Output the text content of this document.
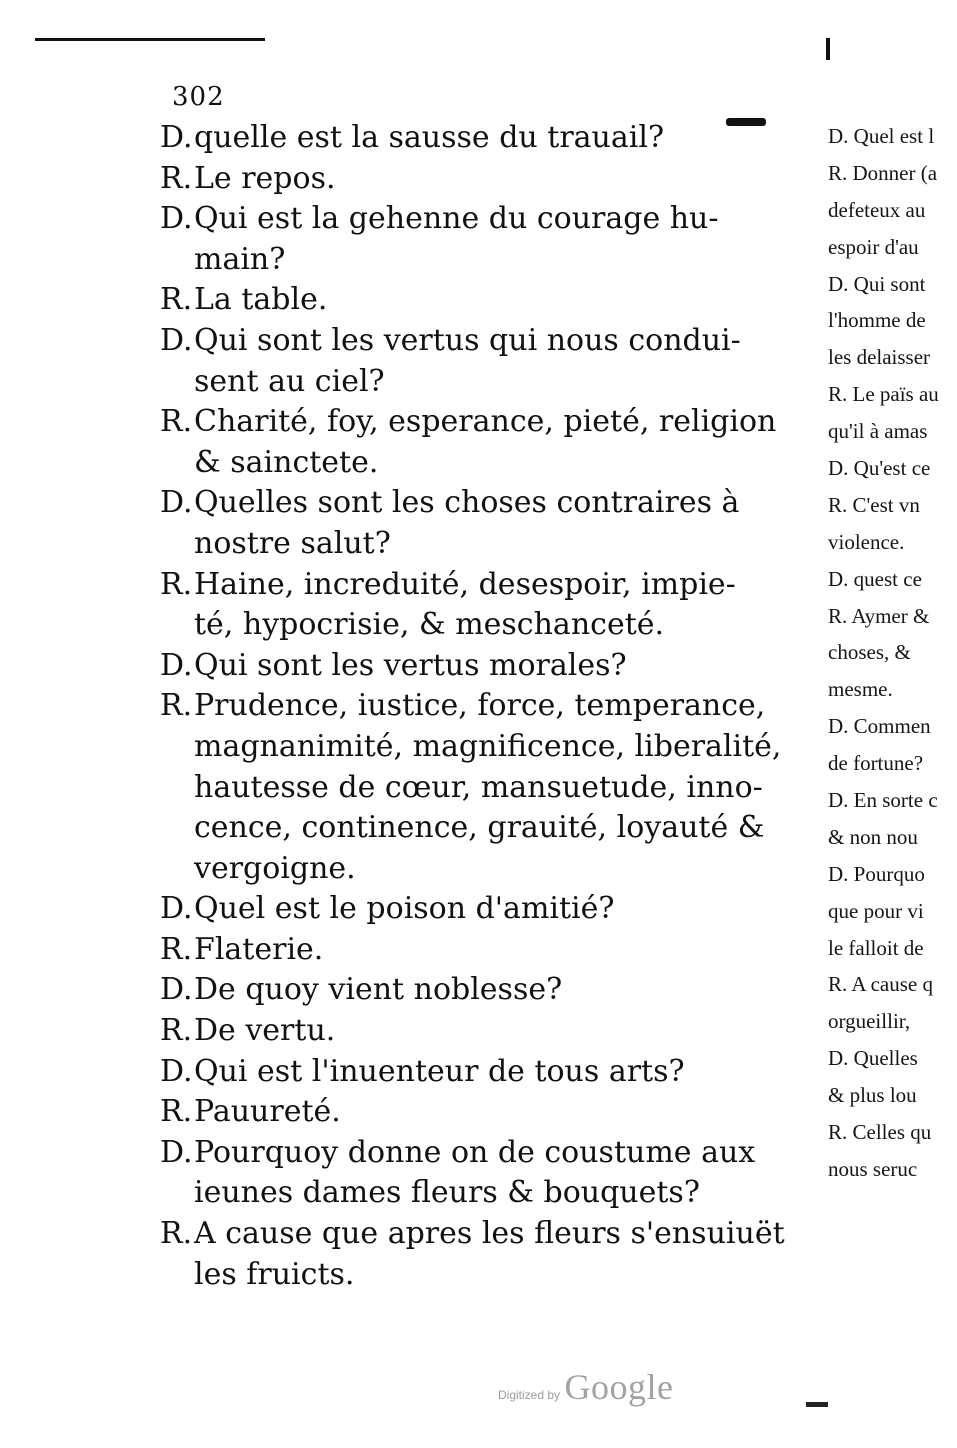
302
D. quelle est la sausse du trauail?
R. Le repos.
D. Qui est la gehenne du courage hu-
main?
R. La table.
D. Qui sont les vertus qui nous condui-
sent au ciel?
R. Charité, foy, esperance, pieté, religion
& sainctete.
D. Quelles sont les choses contraires à
nostre salut?
R. Haine, increduité, desespoir, impie-
té, hypocrisie, & meschanceté.
D. Qui sont les vertus morales?
R. Prudence, iustice, force, temperance,
magnanimité, magnificence, liberalité,
hautesse de cœur, mansuetude, inno-
cence, continence, grauité, loyauté &
vergoigne.
D. Quel est le poison d'amitié?
R. Flaterie.
D. De quoy vient noblesse?
R. De vertu.
D. Qui est l'inuenteur de tous arts?
R. Pauureté.
D. Pourquoy donne on de coustume aux
ieunes dames fleurs & bouquets?
R. A cause que apres les fleurs s'ensuiuët
les fruicts.
D. Quel est l
R. Donner (a
defeteux au
espoir d'au
D. Qui sont
l'homme de
les delaisser
R. Le païs au
qu'il à amas
D. Qu'est ce
R. C'est vn
violence.
D. quest ce
R. Aymer &
choses, &
mesme.
D. Commen
de fortune?
D. En sorte c
& non nou
D. Pourquo
que pour vi
le falloit de
R. A cause q
orgueillir,
D. Quelles
& plus lou
R. Celles qu
nous seruc
Digitized by Google
